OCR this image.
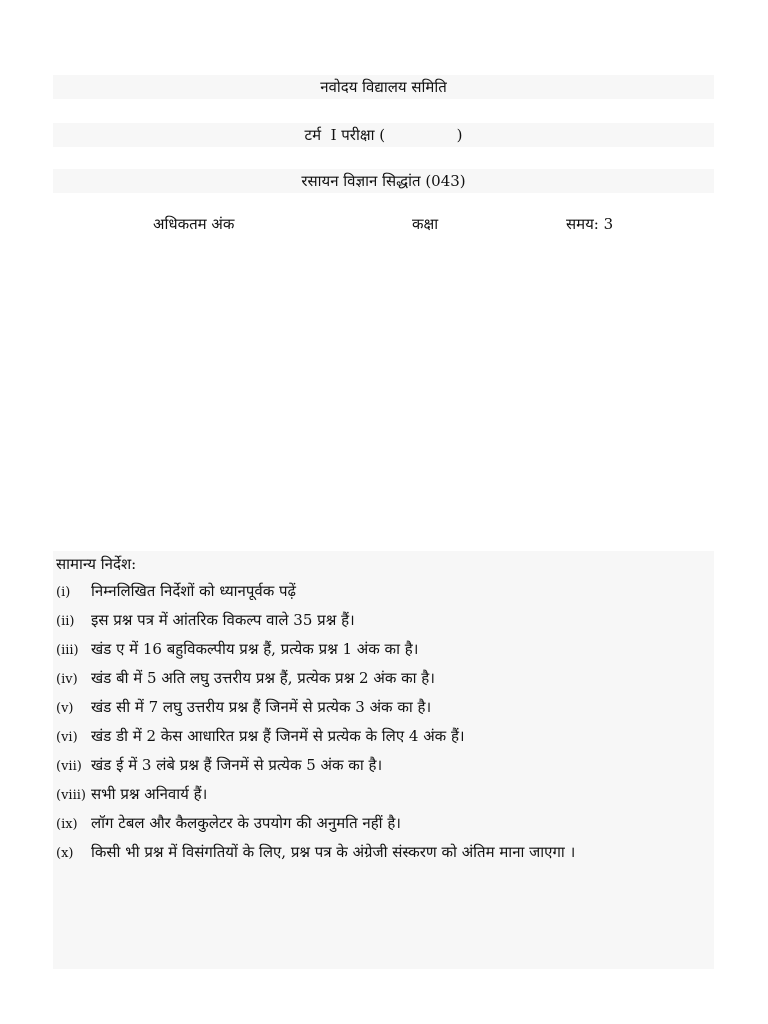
नवोदय विद्यालय समिति
टर्म  I परीक्षा (               )
रसायन विज्ञान सिद्धांत (043)
अधिकतम अंक	कक्षा	समय: 3
सामान्य निर्देश:
(i)	निम्नलिखित निर्देशों को ध्यानपूर्वक पढ़ें
(ii)	इस प्रश्न पत्र में आंतरिक विकल्प वाले 35 प्रश्न हैं।
(iii) खंड ए में 16 बहुविकल्पीय प्रश्न हैं, प्रत्येक प्रश्न 1 अंक का है।
(iv) खंड बी में 5 अति लघु उत्तरीय प्रश्न हैं, प्रत्येक प्रश्न 2 अंक का है।
(v)	खंड सी में 7 लघु उत्तरीय प्रश्न हैं जिनमें से प्रत्येक 3 अंक का है।
(vi) खंड डी में 2 केस आधारित प्रश्न हैं जिनमें से प्रत्येक के लिए 4 अंक हैं।
(vii) खंड ई में 3 लंबे प्रश्न हैं जिनमें से प्रत्येक 5 अंक का है।
(viii) सभी प्रश्न अनिवार्य हैं।
(ix) लॉग टेबल और कैलकुलेटर के उपयोग की अनुमति नहीं है।
(x)	किसी भी प्रश्न में विसंगतियों के लिए, प्रश्न पत्र के अंग्रेजी संस्करण को अंतिम माना जाएगा ।
